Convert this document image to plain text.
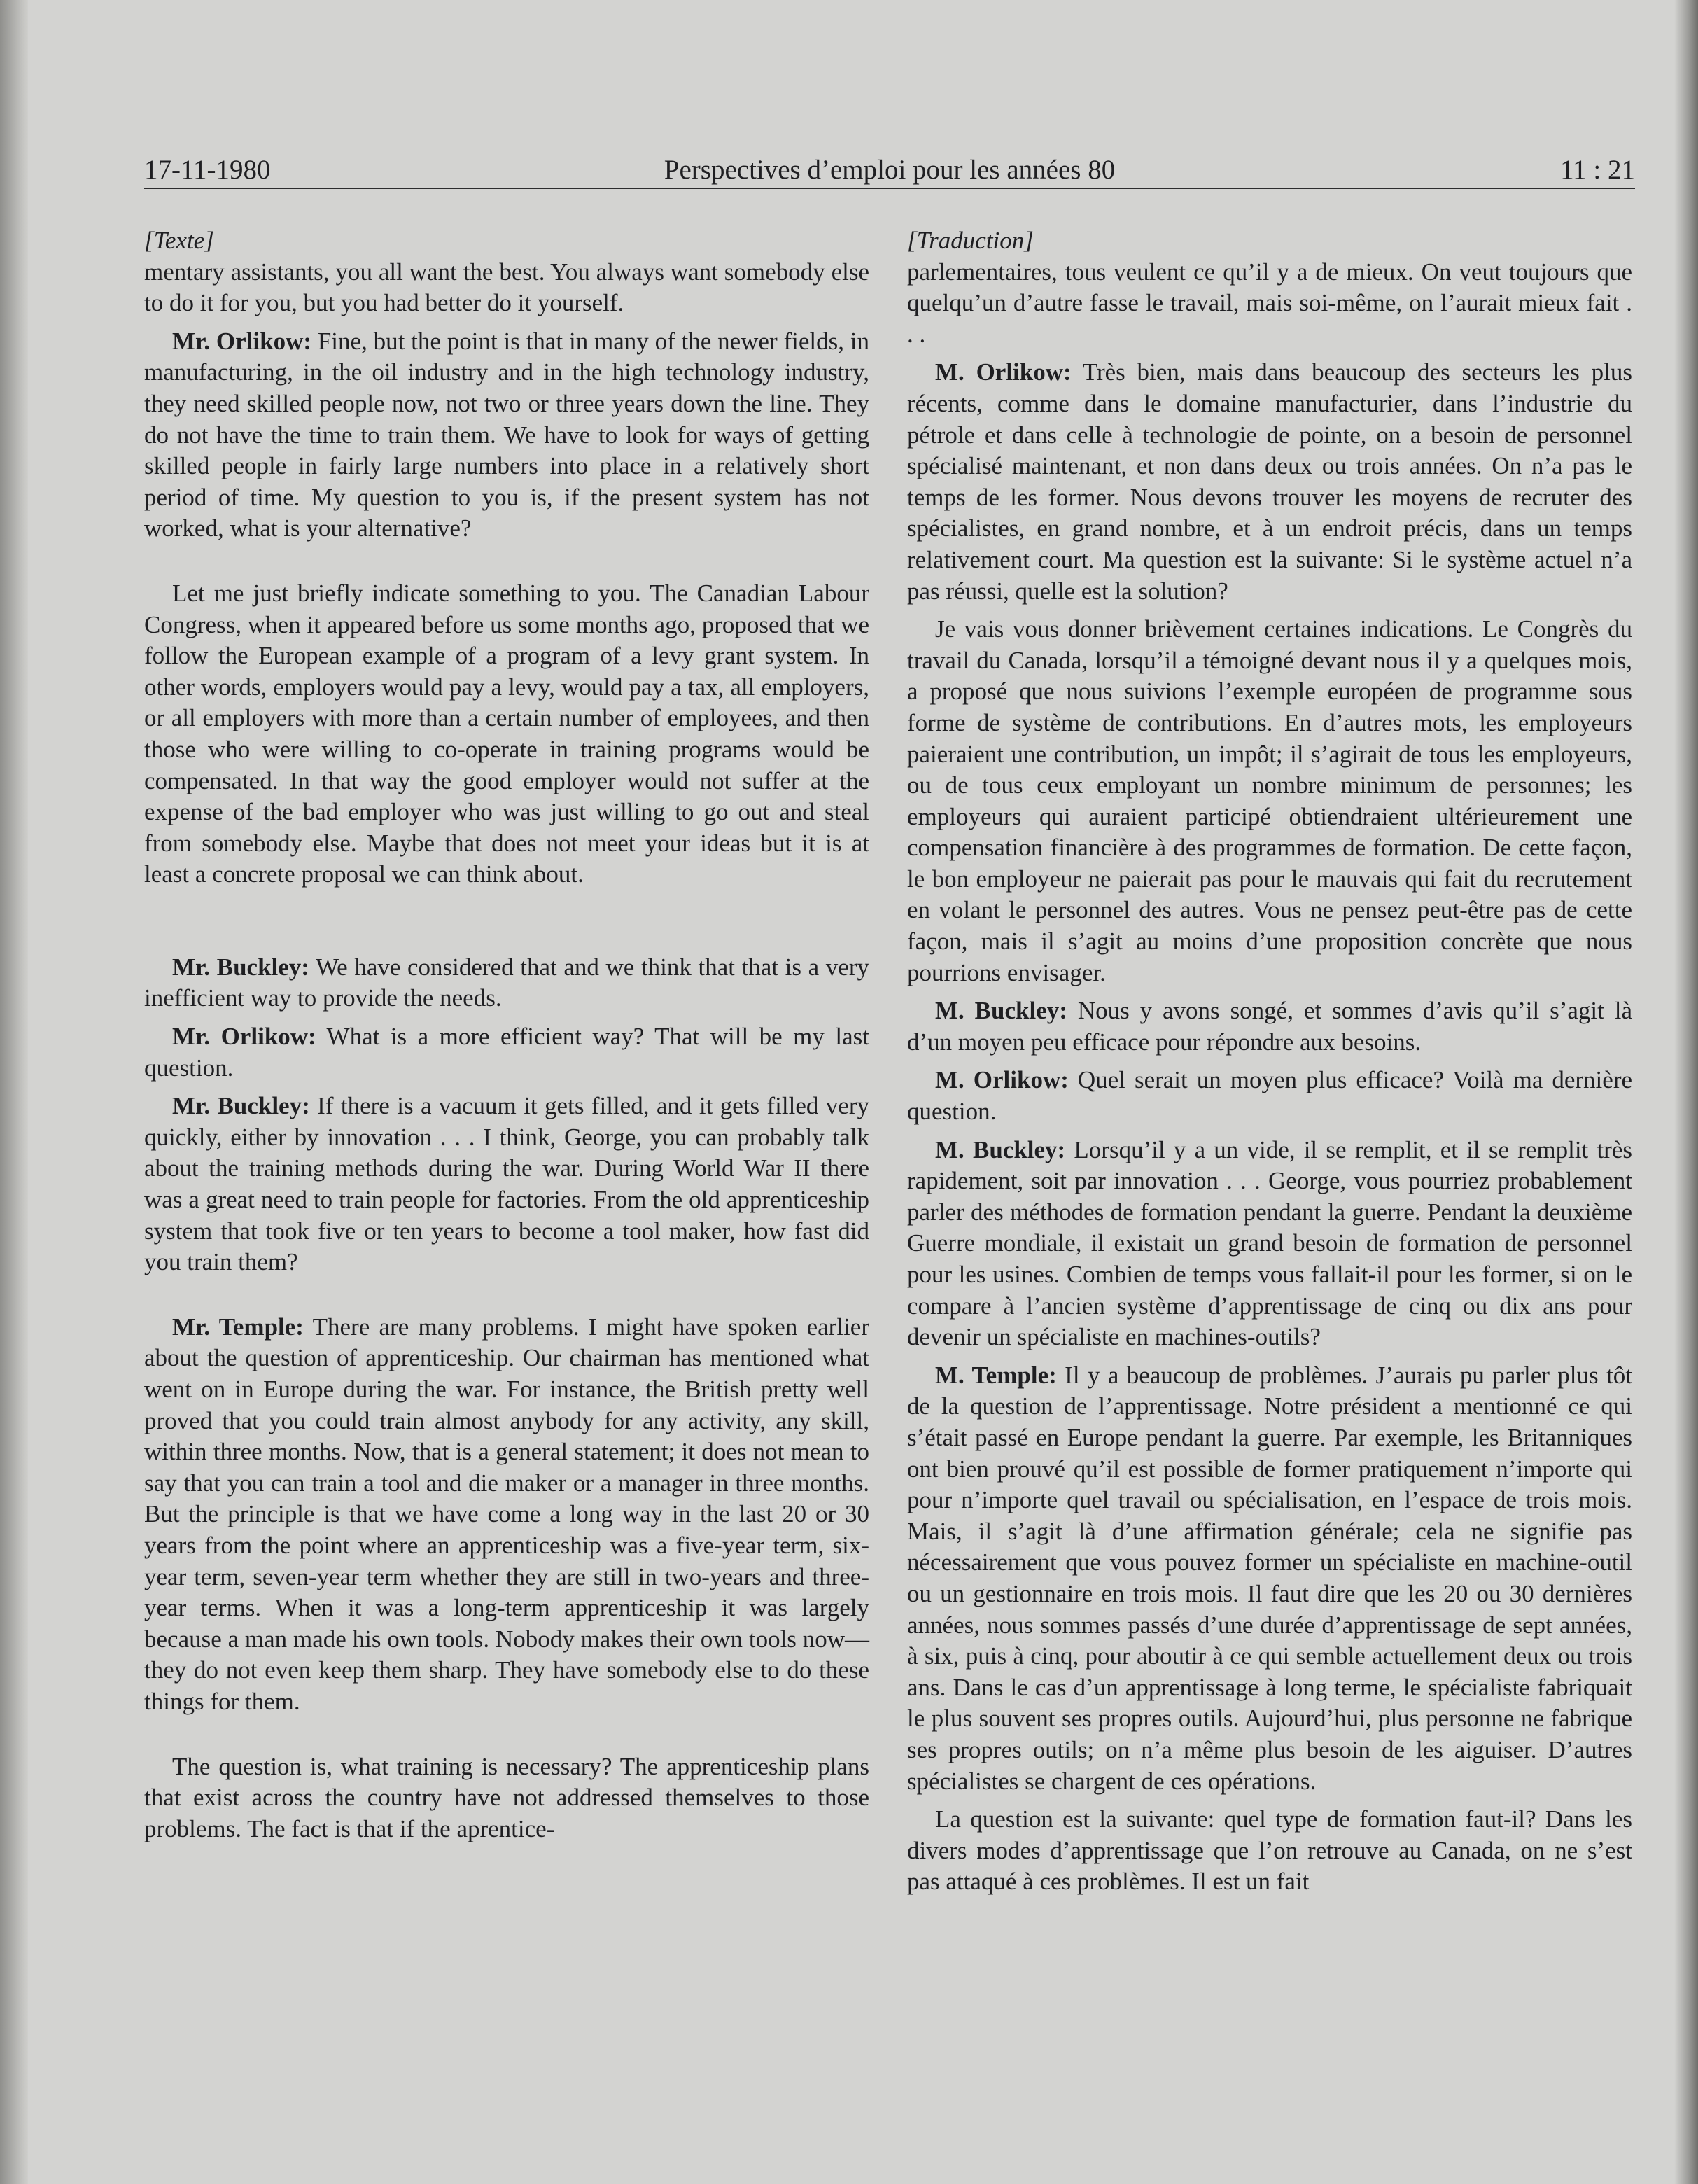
17-11-1980	Perspectives d’emploi pour les années 80	11 : 21

[Texte]

mentary assistants, you all want the best. You always want somebody else to do it for you, but you had better do it yourself.

Mr. Orlikow: Fine, but the point is that in many of the newer fields, in manufacturing, in the oil industry and in the high technology industry, they need skilled people now, not two or three years down the line. They do not have the time to train them. We have to look for ways of getting skilled people in fairly large numbers into place in a relatively short period of time. My question to you is, if the present system has not worked, what is your alternative?

Let me just briefly indicate something to you. The Canadian Labour Congress, when it appeared before us some months ago, proposed that we follow the European example of a program of a levy grant system. In other words, employers would pay a levy, would pay a tax, all employers, or all employers with more than a certain number of employees, and then those who were willing to co-operate in training programs would be compensated. In that way the good employer would not suffer at the expense of the bad employer who was just willing to go out and steal from somebody else. Maybe that does not meet your ideas but it is at least a concrete proposal we can think about.

Mr. Buckley: We have considered that and we think that that is a very inefficient way to provide the needs.

Mr. Orlikow: What is a more efficient way? That will be my last question.

Mr. Buckley: If there is a vacuum it gets filled, and it gets filled very quickly, either by innovation . . . I think, George, you can probably talk about the training methods during the war. During World War II there was a great need to train people for factories. From the old apprenticeship system that took five or ten years to become a tool maker, how fast did you train them?

Mr. Temple: There are many problems. I might have spoken earlier about the question of apprenticeship. Our chairman has mentioned what went on in Europe during the war. For instance, the British pretty well proved that you could train almost anybody for any activity, any skill, within three months. Now, that is a general statement; it does not mean to say that you can train a tool and die maker or a manager in three months. But the principle is that we have come a long way in the last 20 or 30 years from the point where an apprenticeship was a five-year term, six-year term, seven-year term whether they are still in two-years and three-year terms. When it was a long-term apprenticeship it was largely because a man made his own tools. Nobody makes their own tools now—they do not even keep them sharp. They have somebody else to do these things for them.

The question is, what training is necessary? The apprenticeship plans that exist across the country have not addressed themselves to those problems. The fact is that if the aprentice-

[Traduction]

parlementaires, tous veulent ce qu’il y a de mieux. On veut toujours que quelqu’un d’autre fasse le travail, mais soi-même, on l’aurait mieux fait . . .

M. Orlikow: Très bien, mais dans beaucoup des secteurs les plus récents, comme dans le domaine manufacturier, dans l’industrie du pétrole et dans celle à technologie de pointe, on a besoin de personnel spécialisé maintenant, et non dans deux ou trois années. On n’a pas le temps de les former. Nous devons trouver les moyens de recruter des spécialistes, en grand nombre, et à un endroit précis, dans un temps relativement court. Ma question est la suivante: Si le système actuel n’a pas réussi, quelle est la solution?

Je vais vous donner brièvement certaines indications. Le Congrès du travail du Canada, lorsqu’il a témoigné devant nous il y a quelques mois, a proposé que nous suivions l’exemple européen de programme sous forme de système de contributions. En d’autres mots, les employeurs paieraient une contribution, un impôt; il s’agirait de tous les employeurs, ou de tous ceux employant un nombre minimum de personnes; les employeurs qui auraient participé obtiendraient ultérieurement une compensation financière à des programmes de formation. De cette façon, le bon employeur ne paierait pas pour le mauvais qui fait du recrutement en volant le personnel des autres. Vous ne pensez peut-être pas de cette façon, mais il s’agit au moins d’une proposition concrète que nous pourrions envisager.

M. Buckley: Nous y avons songé, et sommes d’avis qu’il s’agit là d’un moyen peu efficace pour répondre aux besoins.

M. Orlikow: Quel serait un moyen plus efficace? Voilà ma dernière question.

M. Buckley: Lorsqu’il y a un vide, il se remplit, et il se remplit très rapidement, soit par innovation . . . George, vous pourriez probablement parler des méthodes de formation pendant la guerre. Pendant la deuxième Guerre mondiale, il existait un grand besoin de formation de personnel pour les usines. Combien de temps vous fallait-il pour les former, si on le compare à l’ancien système d’apprentissage de cinq ou dix ans pour devenir un spécialiste en machines-outils?

M. Temple: Il y a beaucoup de problèmes. J’aurais pu parler plus tôt de la question de l’apprentissage. Notre président a mentionné ce qui s’était passé en Europe pendant la guerre. Par exemple, les Britanniques ont bien prouvé qu’il est possible de former pratiquement n’importe qui pour n’importe quel travail ou spécialisation, en l’espace de trois mois. Mais, il s’agit là d’une affirmation générale; cela ne signifie pas nécessairement que vous pouvez former un spécialiste en machine-outil ou un gestionnaire en trois mois. Il faut dire que les 20 ou 30 dernières années, nous sommes passés d’une durée d’apprentissage de sept années, à six, puis à cinq, pour aboutir à ce qui semble actuellement deux ou trois ans. Dans le cas d’un apprentissage à long terme, le spécialiste fabriquait le plus souvent ses propres outils. Aujourd’hui, plus personne ne fabrique ses propres outils; on n’a même plus besoin de les aiguiser. D’autres spécialistes se chargent de ces opérations.

La question est la suivante: quel type de formation faut-il? Dans les divers modes d’apprentissage que l’on retrouve au Canada, on ne s’est pas attaqué à ces problèmes. Il est un fait
